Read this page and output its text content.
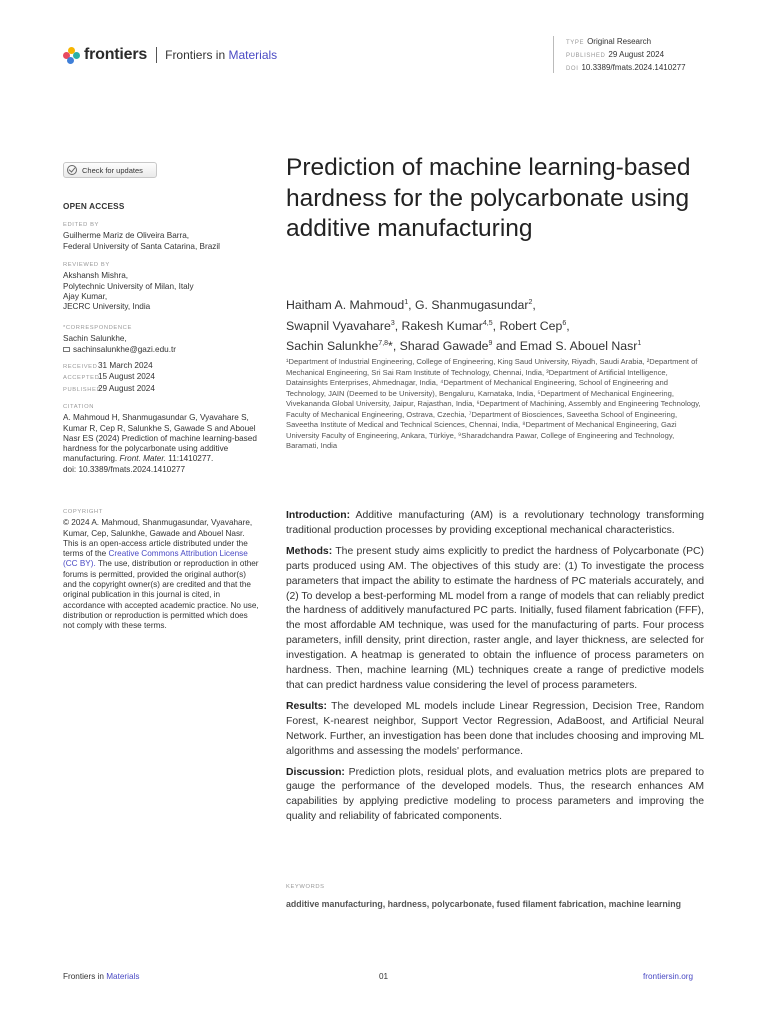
frontiers Frontiers in Materials
TYPE Original Research
PUBLISHED 29 August 2024
DOI 10.3389/fmats.2024.1410277
Check for updates
OPEN ACCESS
EDITED BY
Guilherme Mariz de Oliveira Barra,
Federal University of Santa Catarina, Brazil
REVIEWED BY
Akshansh Mishra,
Polytechnic University of Milan, Italy
Ajay Kumar,
JECRC University, India
*CORRESPONDENCE
Sachin Salunkhe,
sachinsalunkhe@gazi.edu.tr
RECEIVED31 March 2024
ACCEPTED15 August 2024
PUBLISHED29 August 2024
CITATION
A. Mahmoud H, Shanmugasundar G, Vyavahare S, Kumar R, Cep R, Salunkhe S, Gawade S and Abouel Nasr ES (2024) Prediction of machine learning-based hardness for the polycarbonate using additive manufacturing. Front. Mater. 11:1410277.
doi: 10.3389/fmats.2024.1410277
COPYRIGHT
© 2024 A. Mahmoud, Shanmugasundar, Vyavahare, Kumar, Cep, Salunkhe, Gawade and Abouel Nasr. This is an open-access article distributed under the terms of the Creative Commons Attribution License (CC BY). The use, distribution or reproduction in other forums is permitted, provided the original author(s) and the copyright owner(s) are credited and that the original publication in this journal is cited, in accordance with accepted academic practice. No use, distribution or reproduction is permitted which does not comply with these terms.
Prediction of machine learning-based hardness for the polycarbonate using additive manufacturing
Haitham A. Mahmoud$^1$, G. Shanmugasundar$^2$,
Swapnil Vyavahare$^3$, Rakesh Kumar$^{4,5}$, Robert Cep$^6$,
Sachin Salunkhe$^{7,8}$*, Sharad Gawade$^9$ and Emad S. Abouel Nasr$^1$
¹Department of Industrial Engineering, College of Engineering, King Saud University, Riyadh, Saudi Arabia, ²Department of Mechanical Engineering, Sri Sai Ram Institute of Technology, Chennai, India, ³Department of Artificial Intelligence, Datainsights Enterprises, Ahmednagar, India, ⁴Department of Mechanical Engineering, School of Engineering and Technology, JAIN (Deemed to be University), Bengaluru, Karnataka, India, ⁵Department of Mechanical Engineering, Vivekananda Global University, Jaipur, Rajasthan, India, ⁶Department of Machining, Assembly and Engineering Technology, Faculty of Mechanical Engineering, Ostrava, Czechia, ⁷Department of Biosciences, Saveetha School of Engineering, Saveetha Institute of Medical and Technical Sciences, Chennai, India, ⁸Department of Mechanical Engineering, Gazi University Faculty of Engineering, Ankara, Türkiye, ⁹Sharadchandra Pawar, College of Engineering and Technology, Baramati, India

Introduction: Additive manufacturing (AM) is a revolutionary technology transforming traditional production processes by providing exceptional mechanical characteristics.

Methods: The present study aims explicitly to predict the hardness of Polycarbonate (PC) parts produced using AM. The objectives of this study are: (1) To investigate the process parameters that impact the ability to estimate the hardness of PC materials accurately, and (2) To develop a best-performing ML model from a range of models that can reliably predict the hardness of additively manufactured PC parts. Initially, fused filament fabrication (FFF), the most affordable AM technique, was used for the manufacturing of parts. Four process parameters, infill density, print direction, raster angle, and layer thickness, are selected for investigation. A heatmap is generated to obtain the influence of process parameters on hardness. Then, machine learning (ML) techniques create a range of predictive models that can predict hardness value considering the level of process parameters.

Results: The developed ML models include Linear Regression, Decision Tree, Random Forest, K-nearest neighbor, Support Vector Regression, AdaBoost, and Artificial Neural Network. Further, an investigation has been done that includes choosing and improving ML algorithms and assessing the models' performance.

Discussion: Prediction plots, residual plots, and evaluation metrics plots are prepared to gauge the performance of the developed models. Thus, the research enhances AM capabilities by applying predictive modeling to process parameters and improving the quality and reliability of fabricated components.

KEYWORDS
additive manufacturing, hardness, polycarbonate, fused filament fabrication, machine learning
Frontiers in Materials	01	frontiersin.org
